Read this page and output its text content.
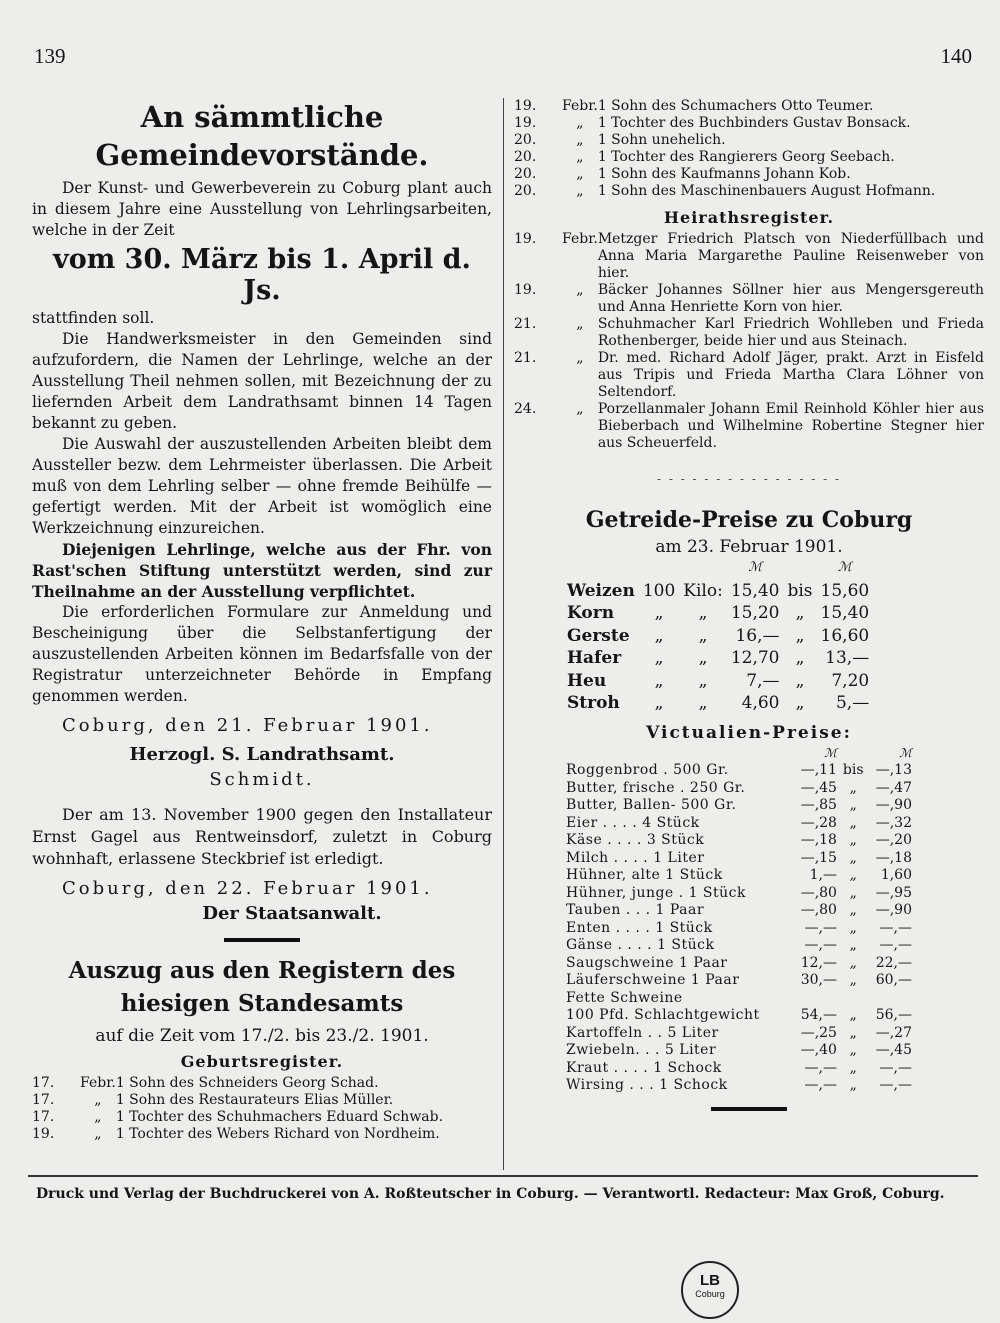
139	140
An sämmtliche Gemeindevorstände.

Der Kunst- und Gewerbeverein zu Coburg plant auch in diesem Jahre eine Ausstellung von Lehrlingsarbeiten, welche in der Zeit

vom 30. März bis 1. April d. Js.

stattfinden soll.

Die Handwerksmeister in den Gemeinden sind aufzufordern, die Namen der Lehrlinge, welche an der Ausstellung Theil nehmen sollen, mit Bezeichnung der zu liefernden Arbeit dem Landrathsamt binnen 14 Tagen bekannt zu geben.

Die Auswahl der auszustellenden Arbeiten bleibt dem Aussteller bezw. dem Lehrmeister überlassen. Die Arbeit muß von dem Lehrling selber — ohne fremde Beihülfe — gefertigt werden. Mit der Arbeit ist womöglich eine Werkzeichnung einzureichen.

Diejenigen Lehrlinge, welche aus der Fhr. von Rast'schen Stiftung unterstützt werden, sind zur Theilnahme an der Ausstellung verpflichtet.

Die erforderlichen Formulare zur Anmeldung und Bescheinigung über die Selbstanfertigung der auszustellenden Arbeiten können im Bedarfsfalle von der Registratur unterzeichneter Behörde in Empfang genommen werden.

Coburg, den 21. Februar 1901.

Herzogl. S. Landrathsamt.

Schmidt.

Der am 13. November 1900 gegen den Installateur Ernst Gagel aus Rentweinsdorf, zuletzt in Coburg wohnhaft, erlassene Steckbrief ist erledigt.

Coburg, den 22. Februar 1901.

Der Staatsanwalt.

Auszug aus den Registern des hiesigen Standesamts

auf die Zeit vom 17./2. bis 23./2. 1901.

Geburtsregister.
17.	Febr.	1 Sohn des Schneiders Georg Schad.
17.	„	1 Sohn des Restaurateurs Elias Müller.
17.	„	1 Tochter des Schuhmachers Eduard Schwab.
19.	„	1 Tochter des Webers Richard von Nordheim.
19.	Febr.	1 Sohn des Schumachers Otto Teumer.
19.	„	1 Tochter des Buchbinders Gustav Bonsack.
20.	„	1 Sohn unehelich.
20.	„	1 Tochter des Rangierers Georg Seebach.
20.	„	1 Sohn des Kaufmanns Johann Kob.
20.	„	1 Sohn des Maschinenbauers August Hofmann.
Heirathsregister.
19.	Febr.	Metzger Friedrich Platsch von Niederfüllbach und Anna Maria Margarethe Pauline Reisenweber von hier.
19.	„	Bäcker Johannes Söllner hier aus Mengersgereuth und Anna Henriette Korn von hier.
21.	„	Schuhmacher Karl Friedrich Wohlleben und Frieda Rothenberger, beide hier und aus Steinach.
21.	„	Dr. med. Richard Adolf Jäger, prakt. Arzt in Eisfeld aus Tripis und Frieda Martha Clara Löhner von Seltendorf.
24.	„	Porzellanmaler Johann Emil Reinhold Köhler hier aus Bieberbach und Wilhelmine Robertine Stegner hier aus Scheuerfeld.
‑ ‑ ‑ ‑ ‑ ‑ ‑ ‑ ‑ ‑ ‑ ‑ ‑ ‑ ‑ ‑
Getreide-Preise zu Coburg

am 23. Februar 1901.

			ℳ		ℳ
Weizen	100	Kilo:	15,40	bis	15,60
Korn	„	„	15,20	„	15,40
Gerste	„	„	16,—	„	16,60
Hafer	„	„	12,70	„	13,—
Heu	„	„	7,—	„	7,20
Stroh	„	„	4,60	„	5,—
Victualien-Preise:
	ℳ		ℳ
Roggenbrod . 500 Gr.	—,11	bis	—,13
Butter, frische . 250 Gr.	—,45	„	—,47
Butter, Ballen- 500 Gr.	—,85	„	—,90
Eier . . . . 4 Stück	—,28	„	—,32
Käse . . . . 3 Stück	—,18	„	—,20
Milch . . . . 1 Liter	—,15	„	—,18
Hühner, alte 1 Stück	1,—	„	1,60
Hühner, junge . 1 Stück	—,80	„	—,95
Tauben . . . 1 Paar	—,80	„	—,90
Enten . . . . 1 Stück	—,—	„	—,—
Gänse . . . . 1 Stück	—,—	„	—,—
Saugschweine 1 Paar	12,—	„	22,—
Läuferschweine 1 Paar	30,—	„	60,—
Fette Schweine			
100 Pfd. Schlachtgewicht	54,—	„	56,—
Kartoffeln . . 5 Liter	—,25	„	—,27
Zwiebeln. . . 5 Liter	—,40	„	—,45
Kraut . . . . 1 Schock	—,—	„	—,—
Wirsing . . . 1 Schock	—,—	„	—,—
Druck und Verlag der Buchdruckerei von A. Roßteutscher in Coburg. — Verantwortl. Redacteur: Max Groß, Coburg.
LB
Coburg
